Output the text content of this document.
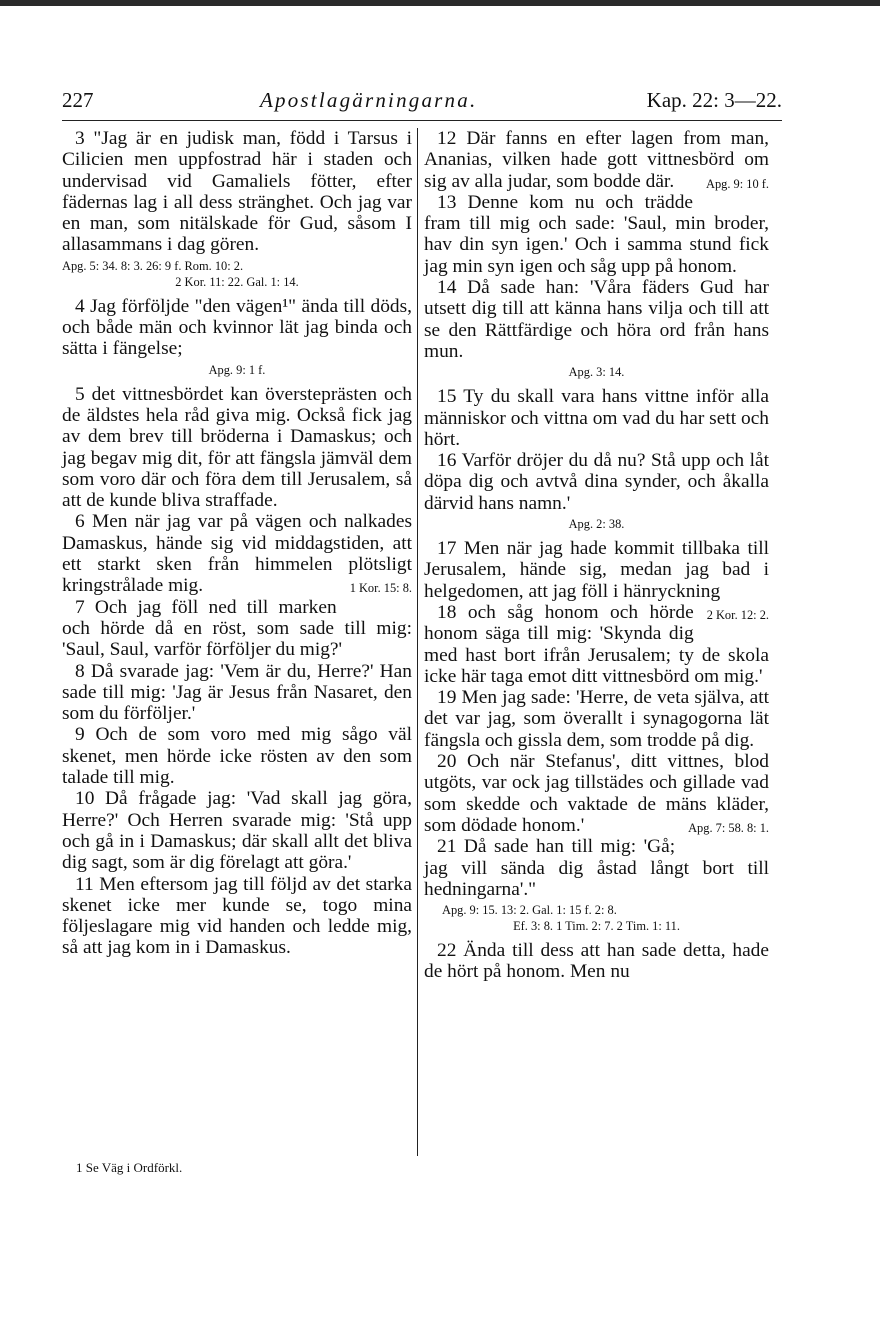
227	Apostlagärningarna.	Kap. 22: 3—22.

3 "Jag är en judisk man, född i Tarsus i Cilicien men uppfostrad här i staden och undervisad vid Gamaliels fötter, efter fädernas lag i all dess stränghet. Och jag var en man, som nitälskade för Gud, såsom I allasammans i dag gören.

Apg. 5: 34. 8: 3. 26: 9 f. Rom. 10: 2.
2 Kor. 11: 22. Gal. 1: 14.

4 Jag förföljde "den vägen¹" ända till döds, och både män och kvinnor lät jag binda och sätta i fängelse;

Apg. 9: 1 f.

5 det vittnesbördet kan översteprästen och de äldstes hela råd giva mig. Också fick jag av dem brev till bröderna i Damaskus; och jag begav mig dit, för att fängsla jämväl dem som voro där och föra dem till Jerusalem, så att de kunde bliva straffade.

6 Men när jag var på vägen och nalkades Damaskus, hände sig vid middagstiden, att ett starkt sken från himmelen plötsligt kringstrålade mig.	1 Kor. 15: 8.

7 Och jag föll ned till marken och hörde då en röst, som sade till mig: 'Saul, Saul, varför förföljer du mig?'

8 Då svarade jag: 'Vem är du, Herre?' Han sade till mig: 'Jag är Jesus från Nasaret, den som du förföljer.'

9 Och de som voro med mig sågo väl skenet, men hörde icke rösten av den som talade till mig.

10 Då frågade jag: 'Vad skall jag göra, Herre?' Och Herren svarade mig: 'Stå upp och gå in i Damaskus; där skall allt det bliva dig sagt, som är dig förelagt att göra.'

11 Men eftersom jag till följd av det starka skenet icke mer kunde se, togo mina följeslagare mig vid handen och ledde mig, så att jag kom in i Damaskus.

12 Där fanns en efter lagen from man, Ananias, vilken hade gott vittnesbörd om sig av alla judar, som bodde där.	Apg. 9: 10 f.

13 Denne kom nu och trädde fram till mig och sade: 'Saul, min broder, hav din syn igen.' Och i samma stund fick jag min syn igen och såg upp på honom.

14 Då sade han: 'Våra fäders Gud har utsett dig till att känna hans vilja och till att se den Rättfärdige och höra ord från hans mun.

Apg. 3: 14.

15 Ty du skall vara hans vittne inför alla människor och vittna om vad du har sett och hört.

16 Varför dröjer du då nu? Stå upp och låt döpa dig och avtvå dina synder, och åkalla därvid hans namn.'

Apg. 2: 38.

17 Men när jag hade kommit tillbaka till Jerusalem, hände sig, medan jag bad i helgedomen, att jag föll i hänryckning
2 Kor. 12: 2.

18 och såg honom och hörde honom säga till mig: 'Skynda dig med hast bort ifrån Jerusalem; ty de skola icke här taga emot ditt vittnesbörd om mig.'

19 Men jag sade: 'Herre, de veta själva, att det var jag, som överallt i synagogorna lät fängsla och gissla dem, som trodde på dig.

20 Och när Stefanus', ditt vittnes, blod utgöts, var ock jag tillstädes och gillade vad som skedde och vaktade de mäns kläder, som dödade honom.'	Apg. 7: 58. 8: 1.

21 Då sade han till mig: 'Gå; jag vill sända dig åstad långt bort till hedningarna'."

Apg. 9: 15. 13: 2. Gal. 1: 15 f. 2: 8.
Ef. 3: 8. 1 Tim. 2: 7. 2 Tim. 1: 11.

22 Ända till dess att han sade detta, hade de hört på honom. Men nu

1 Se Väg i Ordförkl.
